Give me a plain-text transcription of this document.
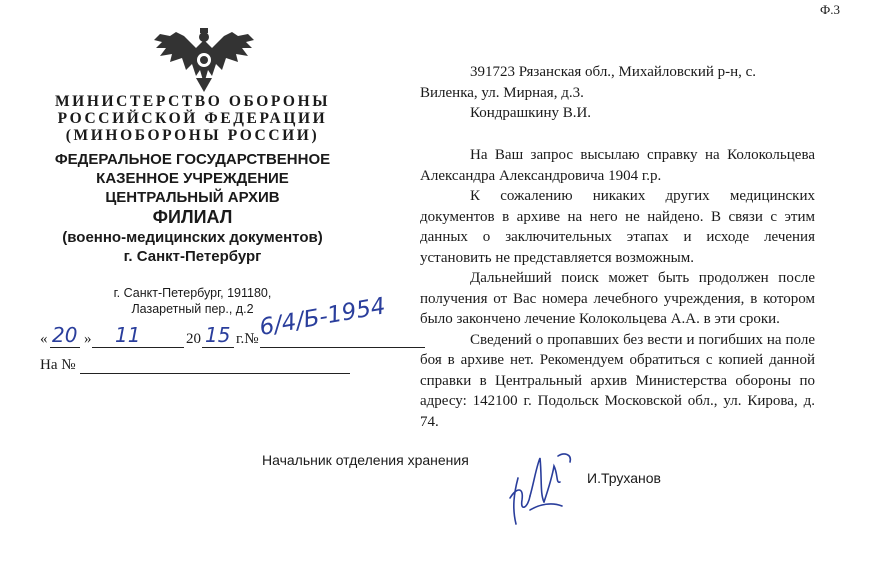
Ф.3
МИНИСТЕРСТВО ОБОРОНЫ
РОССИЙСКОЙ ФЕДЕРАЦИИ
(МИНОБОРОНЫ РОССИИ)
ФЕДЕРАЛЬНОЕ ГОСУДАРСТВЕННОЕ
КАЗЕННОЕ УЧРЕЖДЕНИЕ
ЦЕНТРАЛЬНЫЙ АРХИВ
ФИЛИАЛ
(военно-медицинских документов)
г. Санкт-Петербург
г. Санкт-Петербург, 191180,
Лазаретный пер., д.2
« 20 » 11	20 15 г.№
6/4/Б-1954
На №

391723 Рязанская обл., Михайловский р-н, с.

Виленка, ул. Мирная, д.3.

Кондрашкину В.И.

На Ваш запрос высылаю справку на Колокольцева Александра Александровича 1904 г.р.

К сожалению никаких других медицинских документов в архиве на него не найдено. В связи с этим данных о заключительных этапах и исходе лечения установить не представляется возможным.

Дальнейший поиск может быть продолжен после получения от Вас номера лечебного учреждения, в котором было закончено лечение Колокольцева А.А. в эти сроки.

Сведений о пропавших без вести и погибших на поле боя в архиве нет. Рекомендуем обратиться с копией данной справки в Центральный архив Министерства обороны по адресу: 142100 г. Подольск Московской обл., ул. Кирова, д. 74.

Начальник отделения хранения
И.Труханов
